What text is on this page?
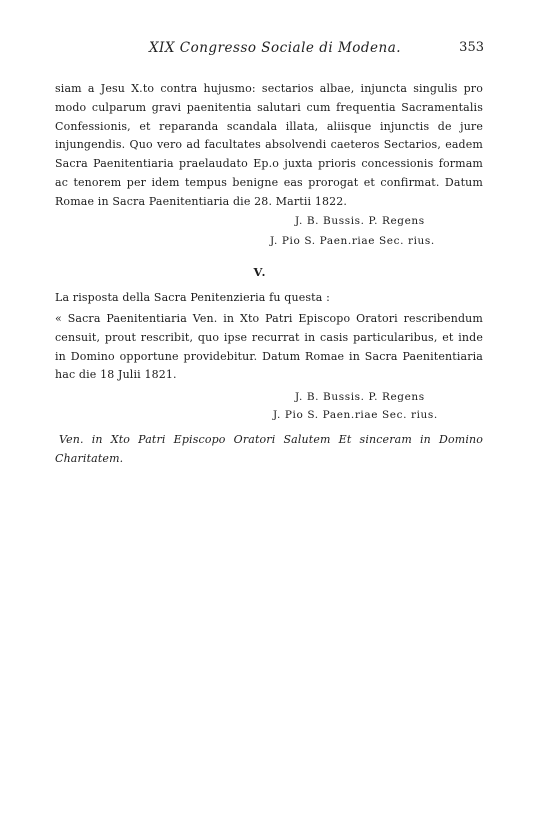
XIX Congresso Sociale di Modena.	353
siam a Jesu X.to contra hujusmo: sectarios albae, injuncta singulis pro modo culparum gravi paenitentia salutari cum frequentia Sacramentalis Confessionis, et reparanda scandala illata, aliisque injunctis de jure injungendis. Quo vero ad facultates absolvendi caeteros Sectarios, eadem Sacra Paenitentiaria praelaudato Ep.o juxta prioris concessionis formam ac tenorem per idem tempus benigne eas prorogat et confirmat. Datum Romae in Sacra Paenitentiaria die 28. Martii 1822.
J. B. Bussis. P. Regens
J. Pio S. Paen.riae Sec. rius.
V.
La risposta della Sacra Penitenzieria fu questa :
« Sacra Paenitentiaria Ven. in Xto Patri Episcopo Oratori rescribendum censuit, prout rescribit, quo ipse recurrat in casis particularibus, et inde in Domino opportune providebitur. Datum Romae in Sacra Paenitentiaria hac die 18 Julii 1821.
J. B. Bussis. P. Regens
J. Pio S. Paen.riae Sec. rius.
Ven. in Xto Patri Episcopo Oratori Salutem Et sinceram in Domino Charitatem.
